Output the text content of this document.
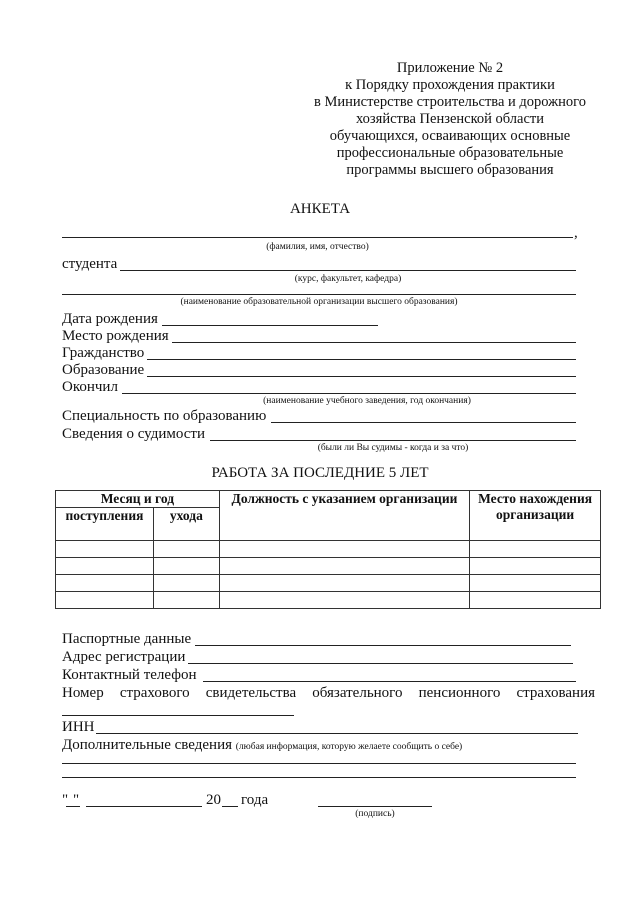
Приложение № 2
к Порядку прохождения практики
в Министерстве строительства и дорожного
хозяйства Пензенской области
обучающихся, осваивающих основные
профессиональные образовательные
программы высшего образования
АНКЕТА
,
(фамилия, имя, отчество)
студента
(курс, факультет, кафедра)
(наименование образовательной организации высшего образования)
Дата рождения
Место рождения
Гражданство
Образование
Окончил
(наименование учебного заведения, год окончания)
Специальность по образованию
Сведения о судимости
(были ли Вы судимы - когда и за что)
РАБОТА ЗА ПОСЛЕДНИЕ 5 ЛЕТ
Месяц и год		Должность с указанием организации	Место нахождения организации
поступления	ухода		

Паспортные данные
Адрес регистрации
Контактный телефон
Номер страхового свидетельства обязательного пенсионного страхования
ИНН
Дополнительные сведения (любая информация, которую желаете сообщить о себе)
" "	20 года
(подпись)
